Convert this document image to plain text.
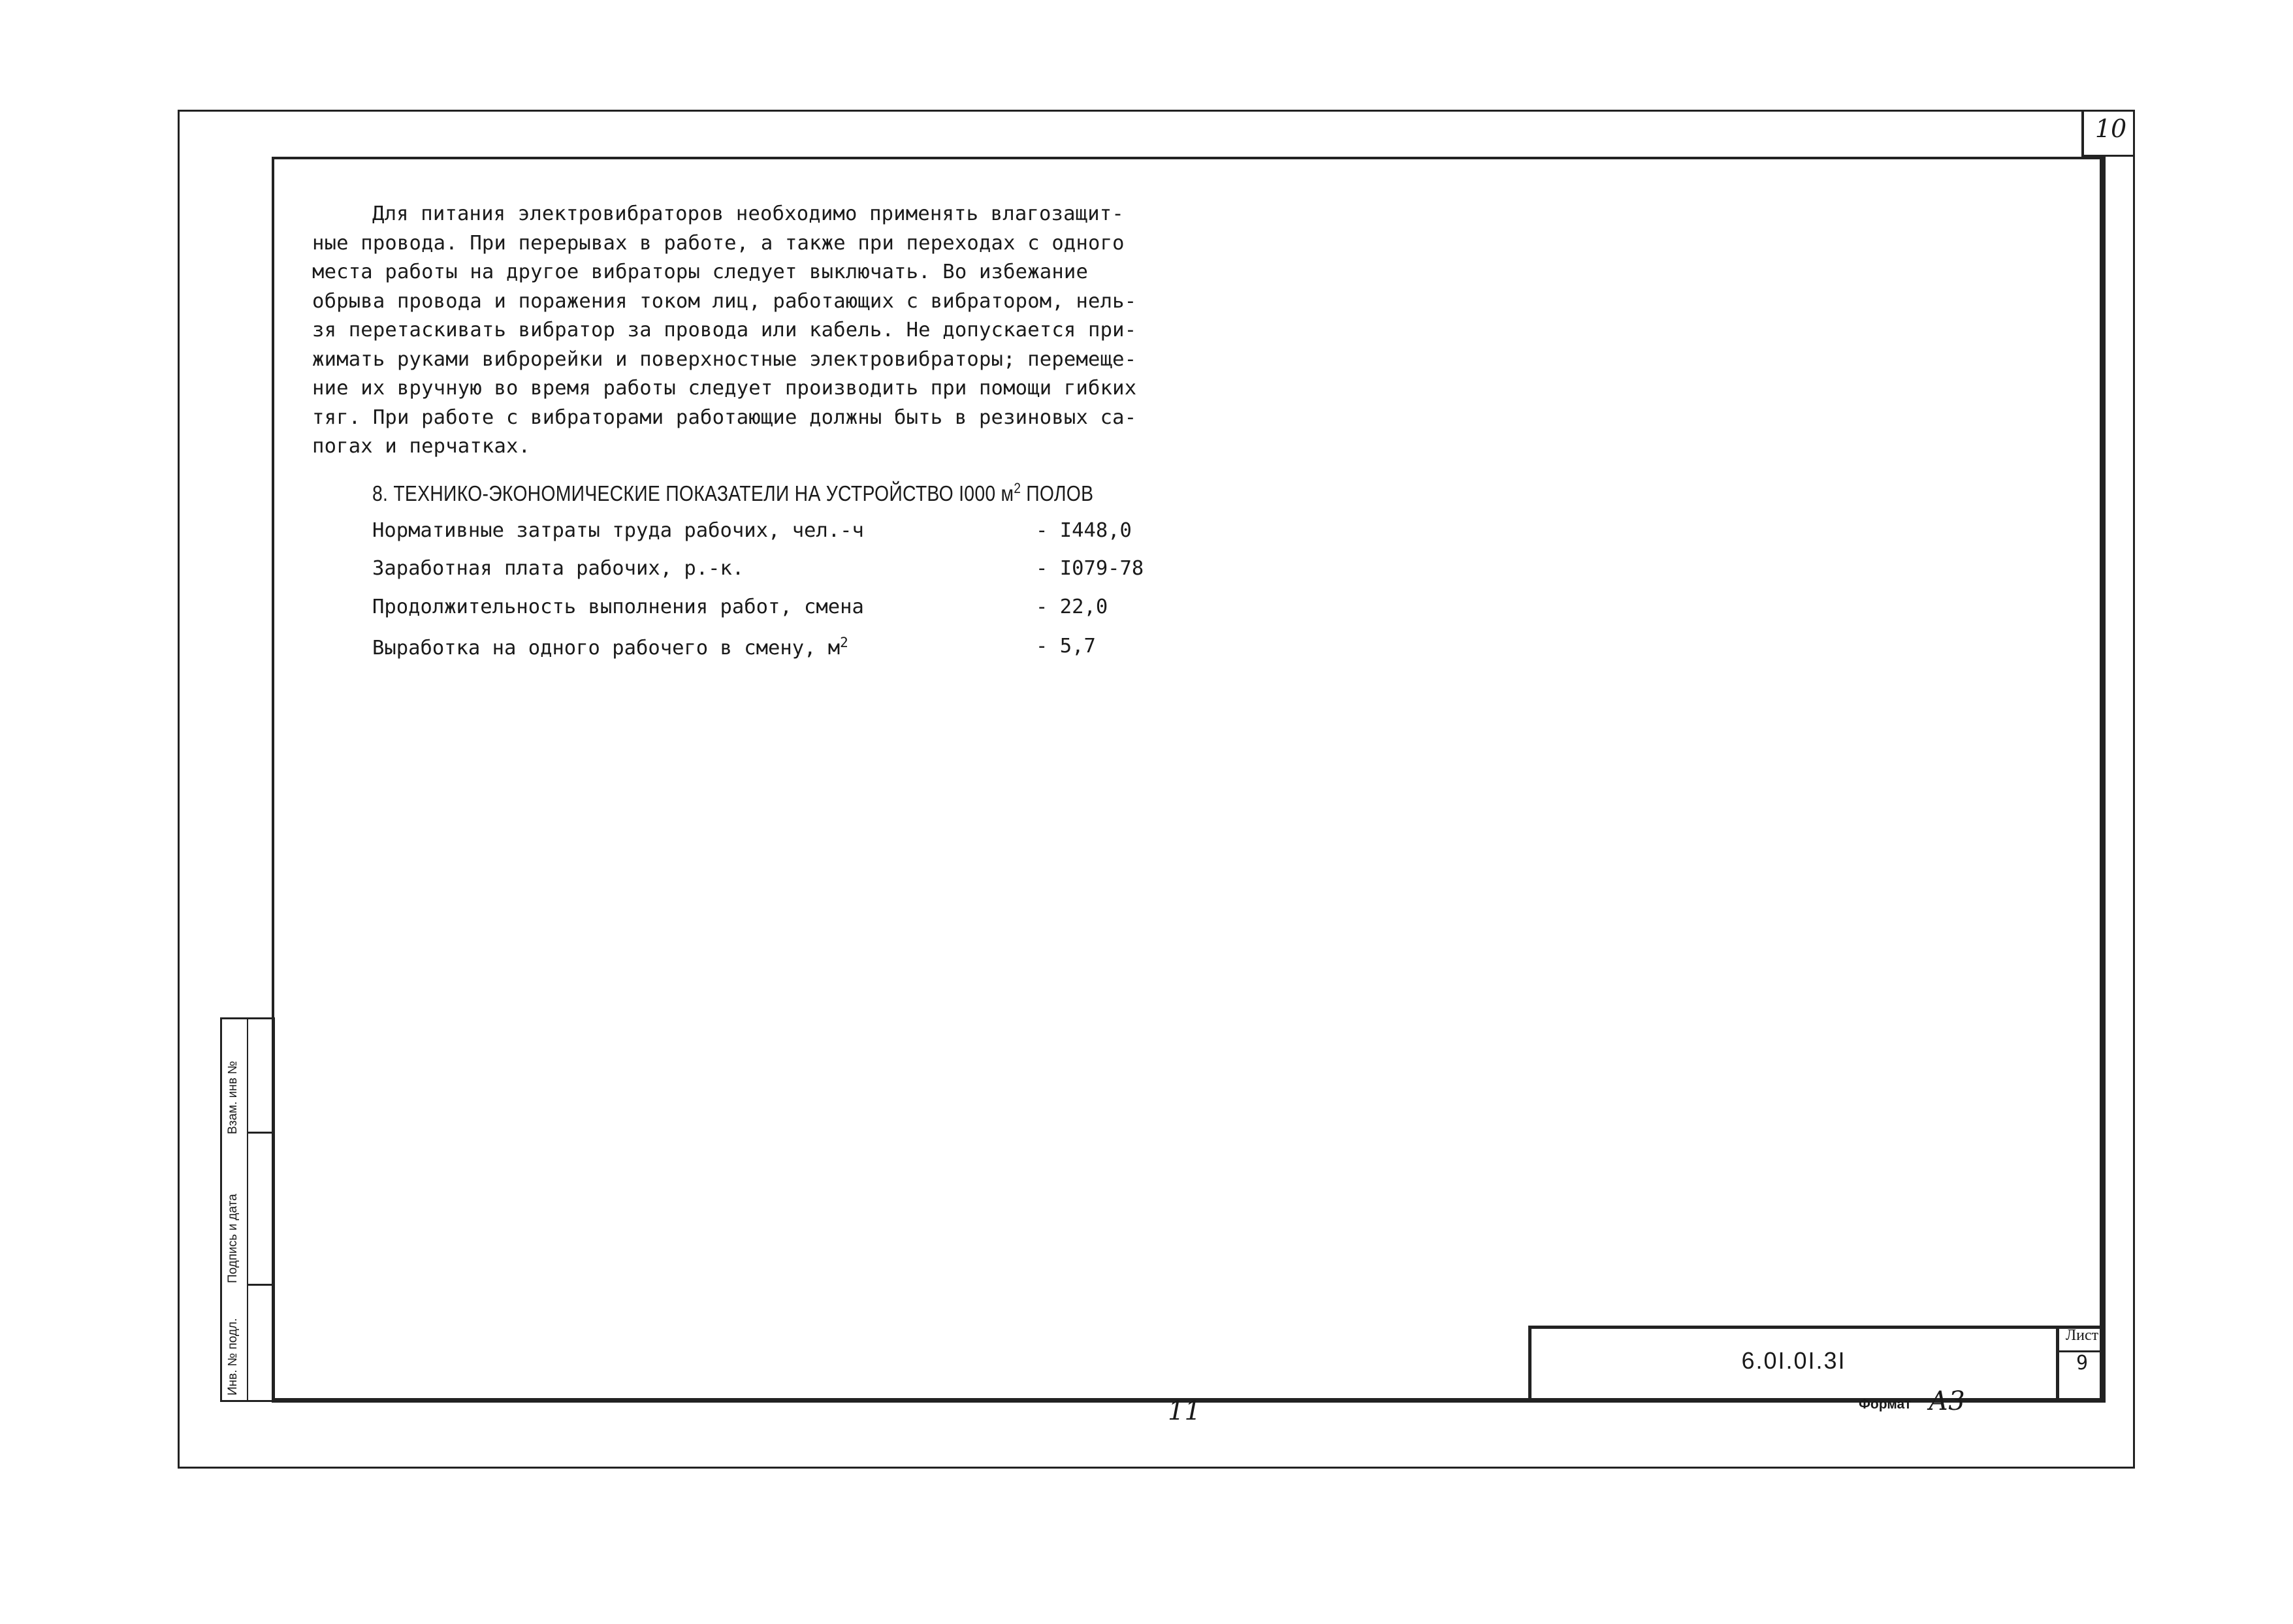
10
Для питания электровибраторов необходимо применять влагозащит-
ные провода. При перерывах в работе, а также при переходах с одного
места работы на другое вибраторы следует выключать. Во избежание
обрыва провода и поражения током лиц, работающих с вибратором, нель-
зя перетаскивать вибратор за провода или кабель. Не допускается при-
жимать руками виброрейки и поверхностные электровибраторы; перемеще-
ние их вручную во время работы следует производить при помощи гибких
тяг. При работе с вибраторами работающие должны быть в резиновых са-
погах и перчатках.
8. ТЕХНИКО-ЭКОНОМИЧЕСКИЕ ПОКАЗАТЕЛИ НА УСТРОЙСТВО I000 $м^2$ ПОЛОВ
Нормативные затраты труда рабочих, чел.-ч	- I448,0
Заработная плата рабочих, р.-к.	- I079-78
Продолжительность выполнения работ, смена	- 22,0
Выработка на одного рабочего в смену, $м^2$	- 5,7
Взам. инв №
Подпись и дата
Инв. № подл.	6.0I.0I.3I
Лист
9
11	Формат А3
